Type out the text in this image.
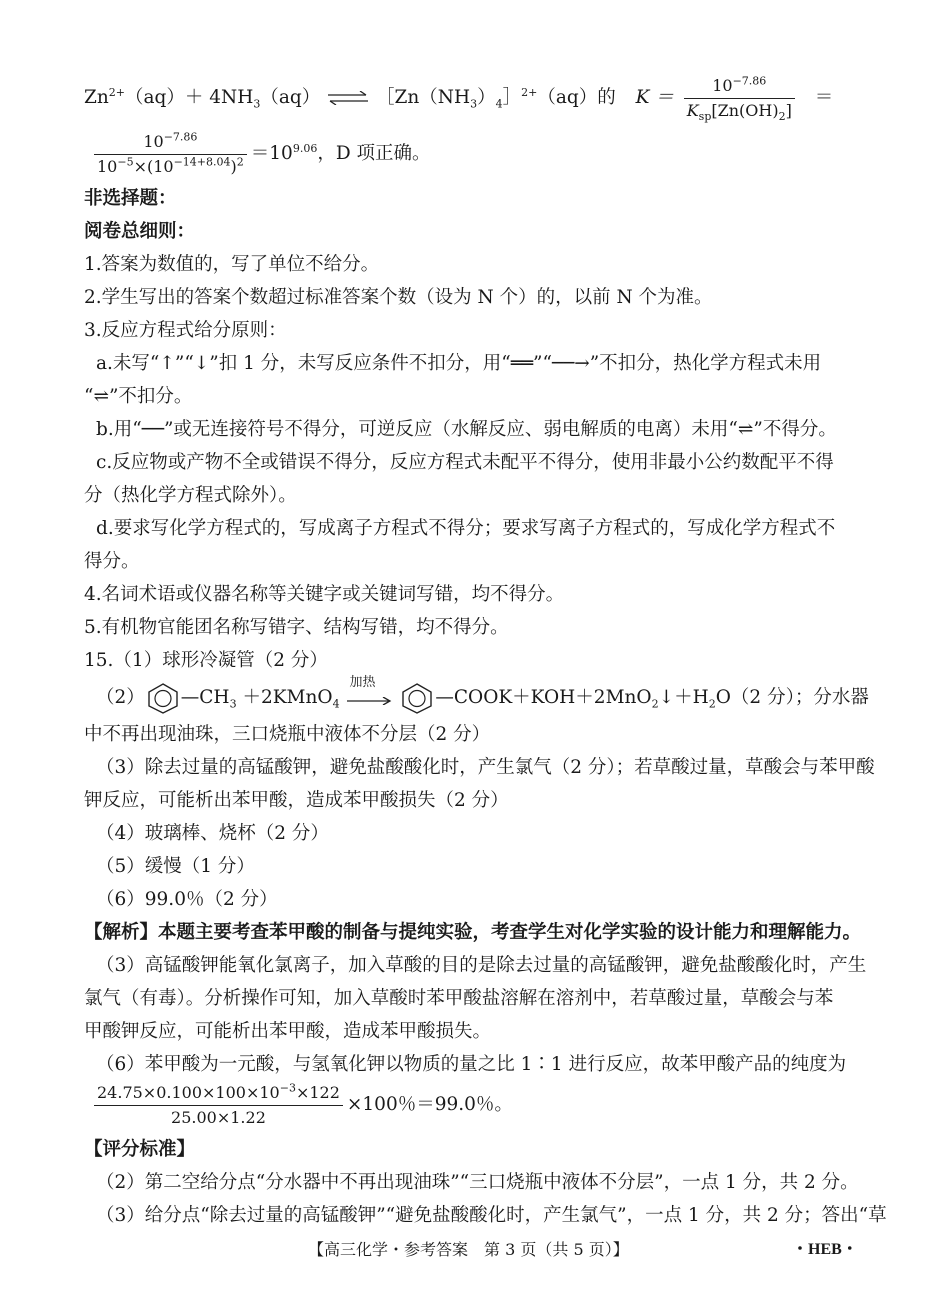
$Zn^{2+}(aq)+ 4NH_3(aq)$ ⇌ $[Zn(NH_3)_4]^{2+}(aq)$的 $K = \frac{10^{-7.86}}{K_{sp}[Zn(OH)_2]}$ ＝
$\frac{10^{-7.86}}{10^{-5}\times(10^{-14+8.04})^2} =10^{9.06}$，D 项正确。
非选择题：
阅卷总细则：
1.答案为数值的，写了单位不给分。
2.学生写出的答案个数超过标准答案个数（设为 N 个）的，以前 N 个为准。
3.反应方程式给分原则：
a.未写“↑”“↓”扣 1 分，未写反应条件不扣分，用“══”“──→”不扣分，热化学方程式未用
“⇌”不扣分。
b.用“──”或无连接符号不得分，可逆反应（水解反应、弱电解质的电离）未用“⇌”不得分。
c.反应物或产物不全或错误不得分，反应方程式未配平不得分，使用非最小公约数配平不得
分（热化学方程式除外）。
d.要求写化学方程式的，写成离子方程式不得分；要求写离子方程式的，写成化学方程式不
得分。
4.名词术语或仪器名称等关键字或关键词写错，均不得分。
5.有机物官能团名称写错字、结构写错，均不得分。
15.（1）球形冷凝管（2 分）
（2） $—CH_3$ ＋2KMnO$_4$
加热
$—COOK+KOH+2MnO_2↓+H_2O(2$ 分）；分水器
中不再出现油珠，三口烧瓶中液体不分层（2 分）
（3）除去过量的高锰酸钾，避免盐酸酸化时，产生氯气（2 分）；若草酸过量，草酸会与苯甲酸
钾反应，可能析出苯甲酸，造成苯甲酸损失（2 分）
（4）玻璃棒、烧杯（2 分）
（5）缓慢（1 分）
（6）99.0％（2 分）
【解析】本题主要考查苯甲酸的制备与提纯实验，考查学生对化学实验的设计能力和理解能力。
（3）高锰酸钾能氧化氯离子，加入草酸的目的是除去过量的高锰酸钾，避免盐酸酸化时，产生
氯气（有毒）。分析操作可知，加入草酸时苯甲酸盐溶解在溶剂中，若草酸过量，草酸会与苯
甲酸钾反应，可能析出苯甲酸，造成苯甲酸损失。
（6）苯甲酸为一元酸，与氢氧化钾以物质的量之比 1∶1 进行反应，故苯甲酸产品的纯度为
$\frac{24.75\times 0.100\times 100\times 10^{-3}\times 122}{25.00\times 1.22} \times 100$％＝99.0％。
【评分标准】
（2）第二空给分点“分水器中不再出现油珠”“三口烧瓶中液体不分层”，一点 1 分，共 2 分。
（3）给分点“除去过量的高锰酸钾”“避免盐酸酸化时，产生氯气”，一点 1 分，共 2 分；答出“草
【高三化学・参考答案　第 3 页（共 5 页）】	・HEB・
